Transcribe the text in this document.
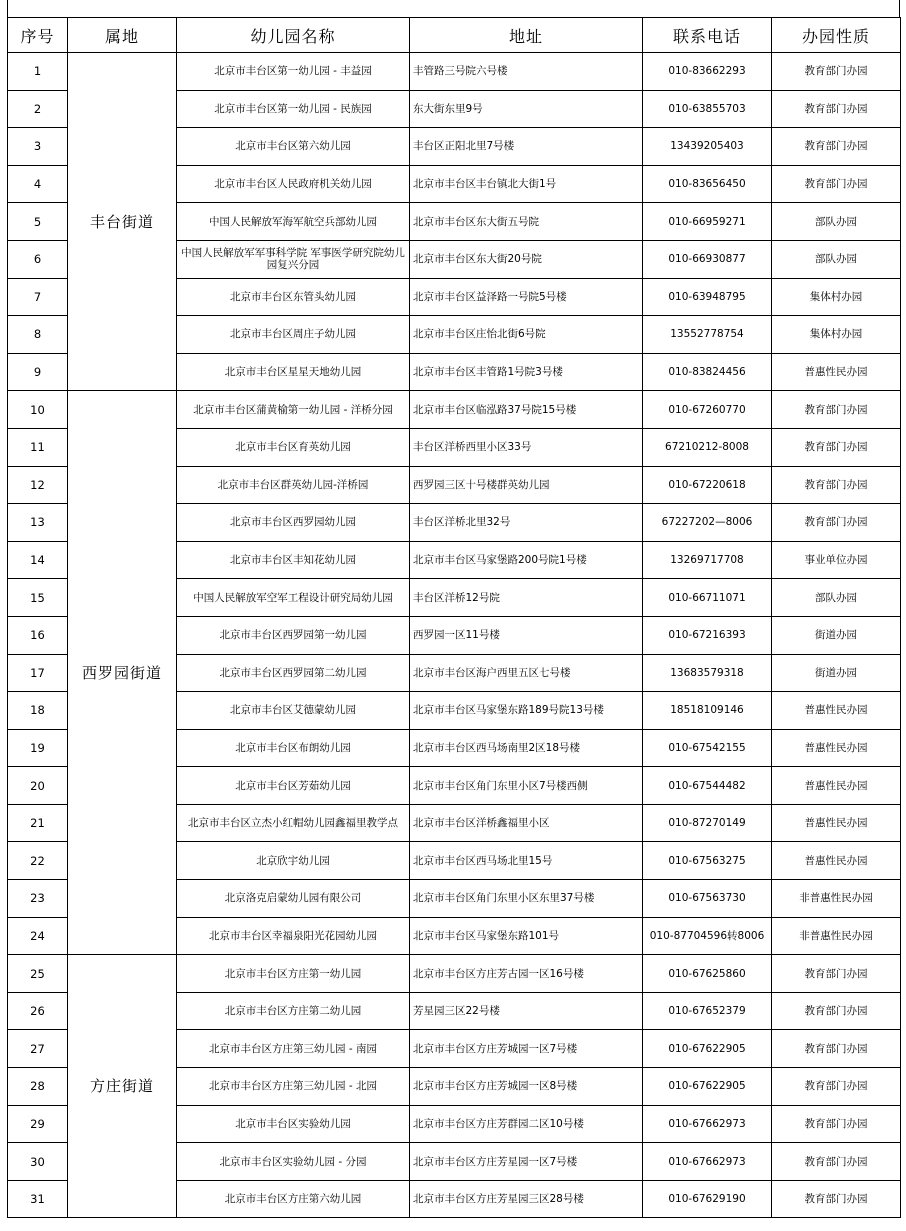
序号	属地	幼儿园名称	地址	联系电话	办园性质
1	丰台街道	北京市丰台区第一幼儿园 - 丰益园	丰管路三号院六号楼	010-83662293	教育部门办园
2		北京市丰台区第一幼儿园 - 民族园	东大街东里9号	010-63855703	教育部门办园
3		北京市丰台区第六幼儿园	丰台区正阳北里7号楼	13439205403	教育部门办园
4		北京市丰台区人民政府机关幼儿园	北京市丰台区丰台镇北大街1号	010-83656450	教育部门办园
5		中国人民解放军海军航空兵部幼儿园	北京市丰台区东大街五号院	010-66959271	部队办园
6		中国人民解放军军事科学院 军事医学研究院幼儿园复兴分园	北京市丰台区东大街20号院	010-66930877	部队办园
7		北京市丰台区东管头幼儿园	北京市丰台区益泽路一号院5号楼	010-63948795	集体村办园
8		北京市丰台区周庄子幼儿园	北京市丰台区庄怡北街6号院	13552778754	集体村办园
9		北京市丰台区星星天地幼儿园	北京市丰台区丰管路1号院3号楼	010-83824456	普惠性民办园
10	西罗园街道	北京市丰台区蒲黄榆第一幼儿园 - 洋桥分园	北京市丰台区临泓路37号院15号楼	010-67260770	教育部门办园
11		北京市丰台区育英幼儿园	丰台区洋桥西里小区33号	67210212-8008	教育部门办园
12		北京市丰台区群英幼儿园-洋桥园	西罗园三区十号楼群英幼儿园	010-67220618	教育部门办园
13		北京市丰台区西罗园幼儿园	丰台区洋桥北里32号	67227202—8006	教育部门办园
14		北京市丰台区丰知花幼儿园	北京市丰台区马家堡路200号院1号楼	13269717708	事业单位办园
15		中国人民解放军空军工程设计研究局幼儿园	丰台区洋桥12号院	010-66711071	部队办园
16		北京市丰台区西罗园第一幼儿园	西罗园一区11号楼	010-67216393	街道办园
17		北京市丰台区西罗园第二幼儿园	北京市丰台区海户西里五区七号楼	13683579318	街道办园
18		北京市丰台区艾德蒙幼儿园	北京市丰台区马家堡东路189号院13号楼	18518109146	普惠性民办园
19		北京市丰台区布朗幼儿园	北京市丰台区西马场南里2区18号楼	010-67542155	普惠性民办园
20		北京市丰台区芳茹幼儿园	北京市丰台区角门东里小区7号楼西侧	010-67544482	普惠性民办园
21		北京市丰台区立杰小红帽幼儿园鑫福里教学点	北京市丰台区洋桥鑫福里小区	010-87270149	普惠性民办园
22		北京欣宇幼儿园	北京市丰台区西马场北里15号	010-67563275	普惠性民办园
23		北京洛克启蒙幼儿园有限公司	北京市丰台区角门东里小区东里37号楼	010-67563730	非普惠性民办园
24		北京市丰台区幸福泉阳光花园幼儿园	北京市丰台区马家堡东路101号	010-87704596转8006	非普惠性民办园
25	方庄街道	北京市丰台区方庄第一幼儿园	北京市丰台区方庄芳古园一区16号楼	010-67625860	教育部门办园
26		北京市丰台区方庄第二幼儿园	芳星园三区22号楼	010-67652379	教育部门办园
27		北京市丰台区方庄第三幼儿园 - 南园	北京市丰台区方庄芳城园一区7号楼	010-67622905	教育部门办园
28		北京市丰台区方庄第三幼儿园 - 北园	北京市丰台区方庄芳城园一区8号楼	010-67622905	教育部门办园
29		北京市丰台区实验幼儿园	北京市丰台区方庄芳群园二区10号楼	010-67662973	教育部门办园
30		北京市丰台区实验幼儿园 - 分园	北京市丰台区方庄芳星园一区7号楼	010-67662973	教育部门办园
31		北京市丰台区方庄第六幼儿园	北京市丰台区方庄芳星园三区28号楼	010-67629190	教育部门办园
